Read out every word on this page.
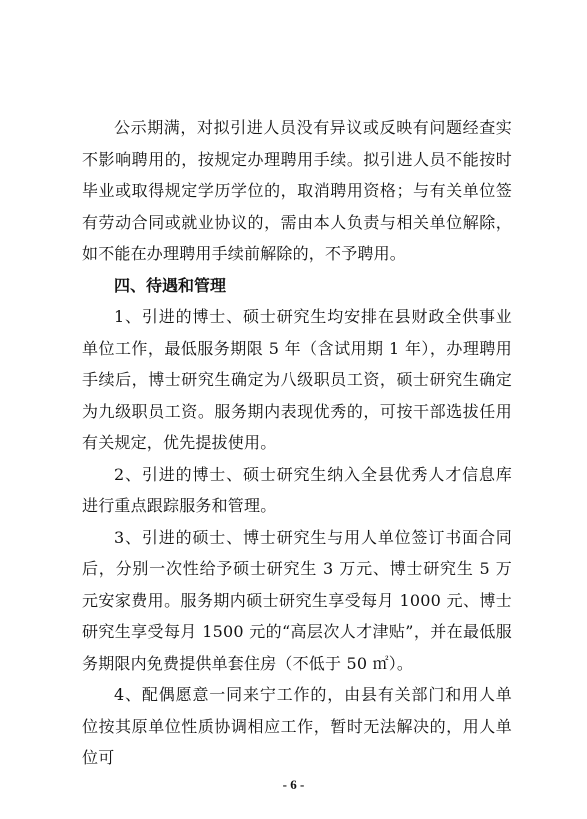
公示期满，对拟引进人员没有异议或反映有问题经查实不影响聘用的，按规定办理聘用手续。拟引进人员不能按时毕业或取得规定学历学位的，取消聘用资格；与有关单位签有劳动合同或就业协议的，需由本人负责与相关单位解除，如不能在办理聘用手续前解除的，不予聘用。

四、待遇和管理

1、引进的博士、硕士研究生均安排在县财政全供事业单位工作，最低服务期限 5 年（含试用期 1 年），办理聘用手续后，博士研究生确定为八级职员工资，硕士研究生确定为九级职员工资。服务期内表现优秀的，可按干部选拔任用有关规定，优先提拔使用。

2、引进的博士、硕士研究生纳入全县优秀人才信息库进行重点跟踪服务和管理。

3、引进的硕士、博士研究生与用人单位签订书面合同后，分别一次性给予硕士研究生 3 万元、博士研究生 5 万元安家费用。服务期内硕士研究生享受每月 1000 元、博士研究生享受每月 1500 元的“高层次人才津贴”，并在最低服务期限内免费提供单套住房（不低于 50 ㎡）。

4、配偶愿意一同来宁工作的，由县有关部门和用人单位按其原单位性质协调相应工作，暂时无法解决的，用人单位可

- 6 -
